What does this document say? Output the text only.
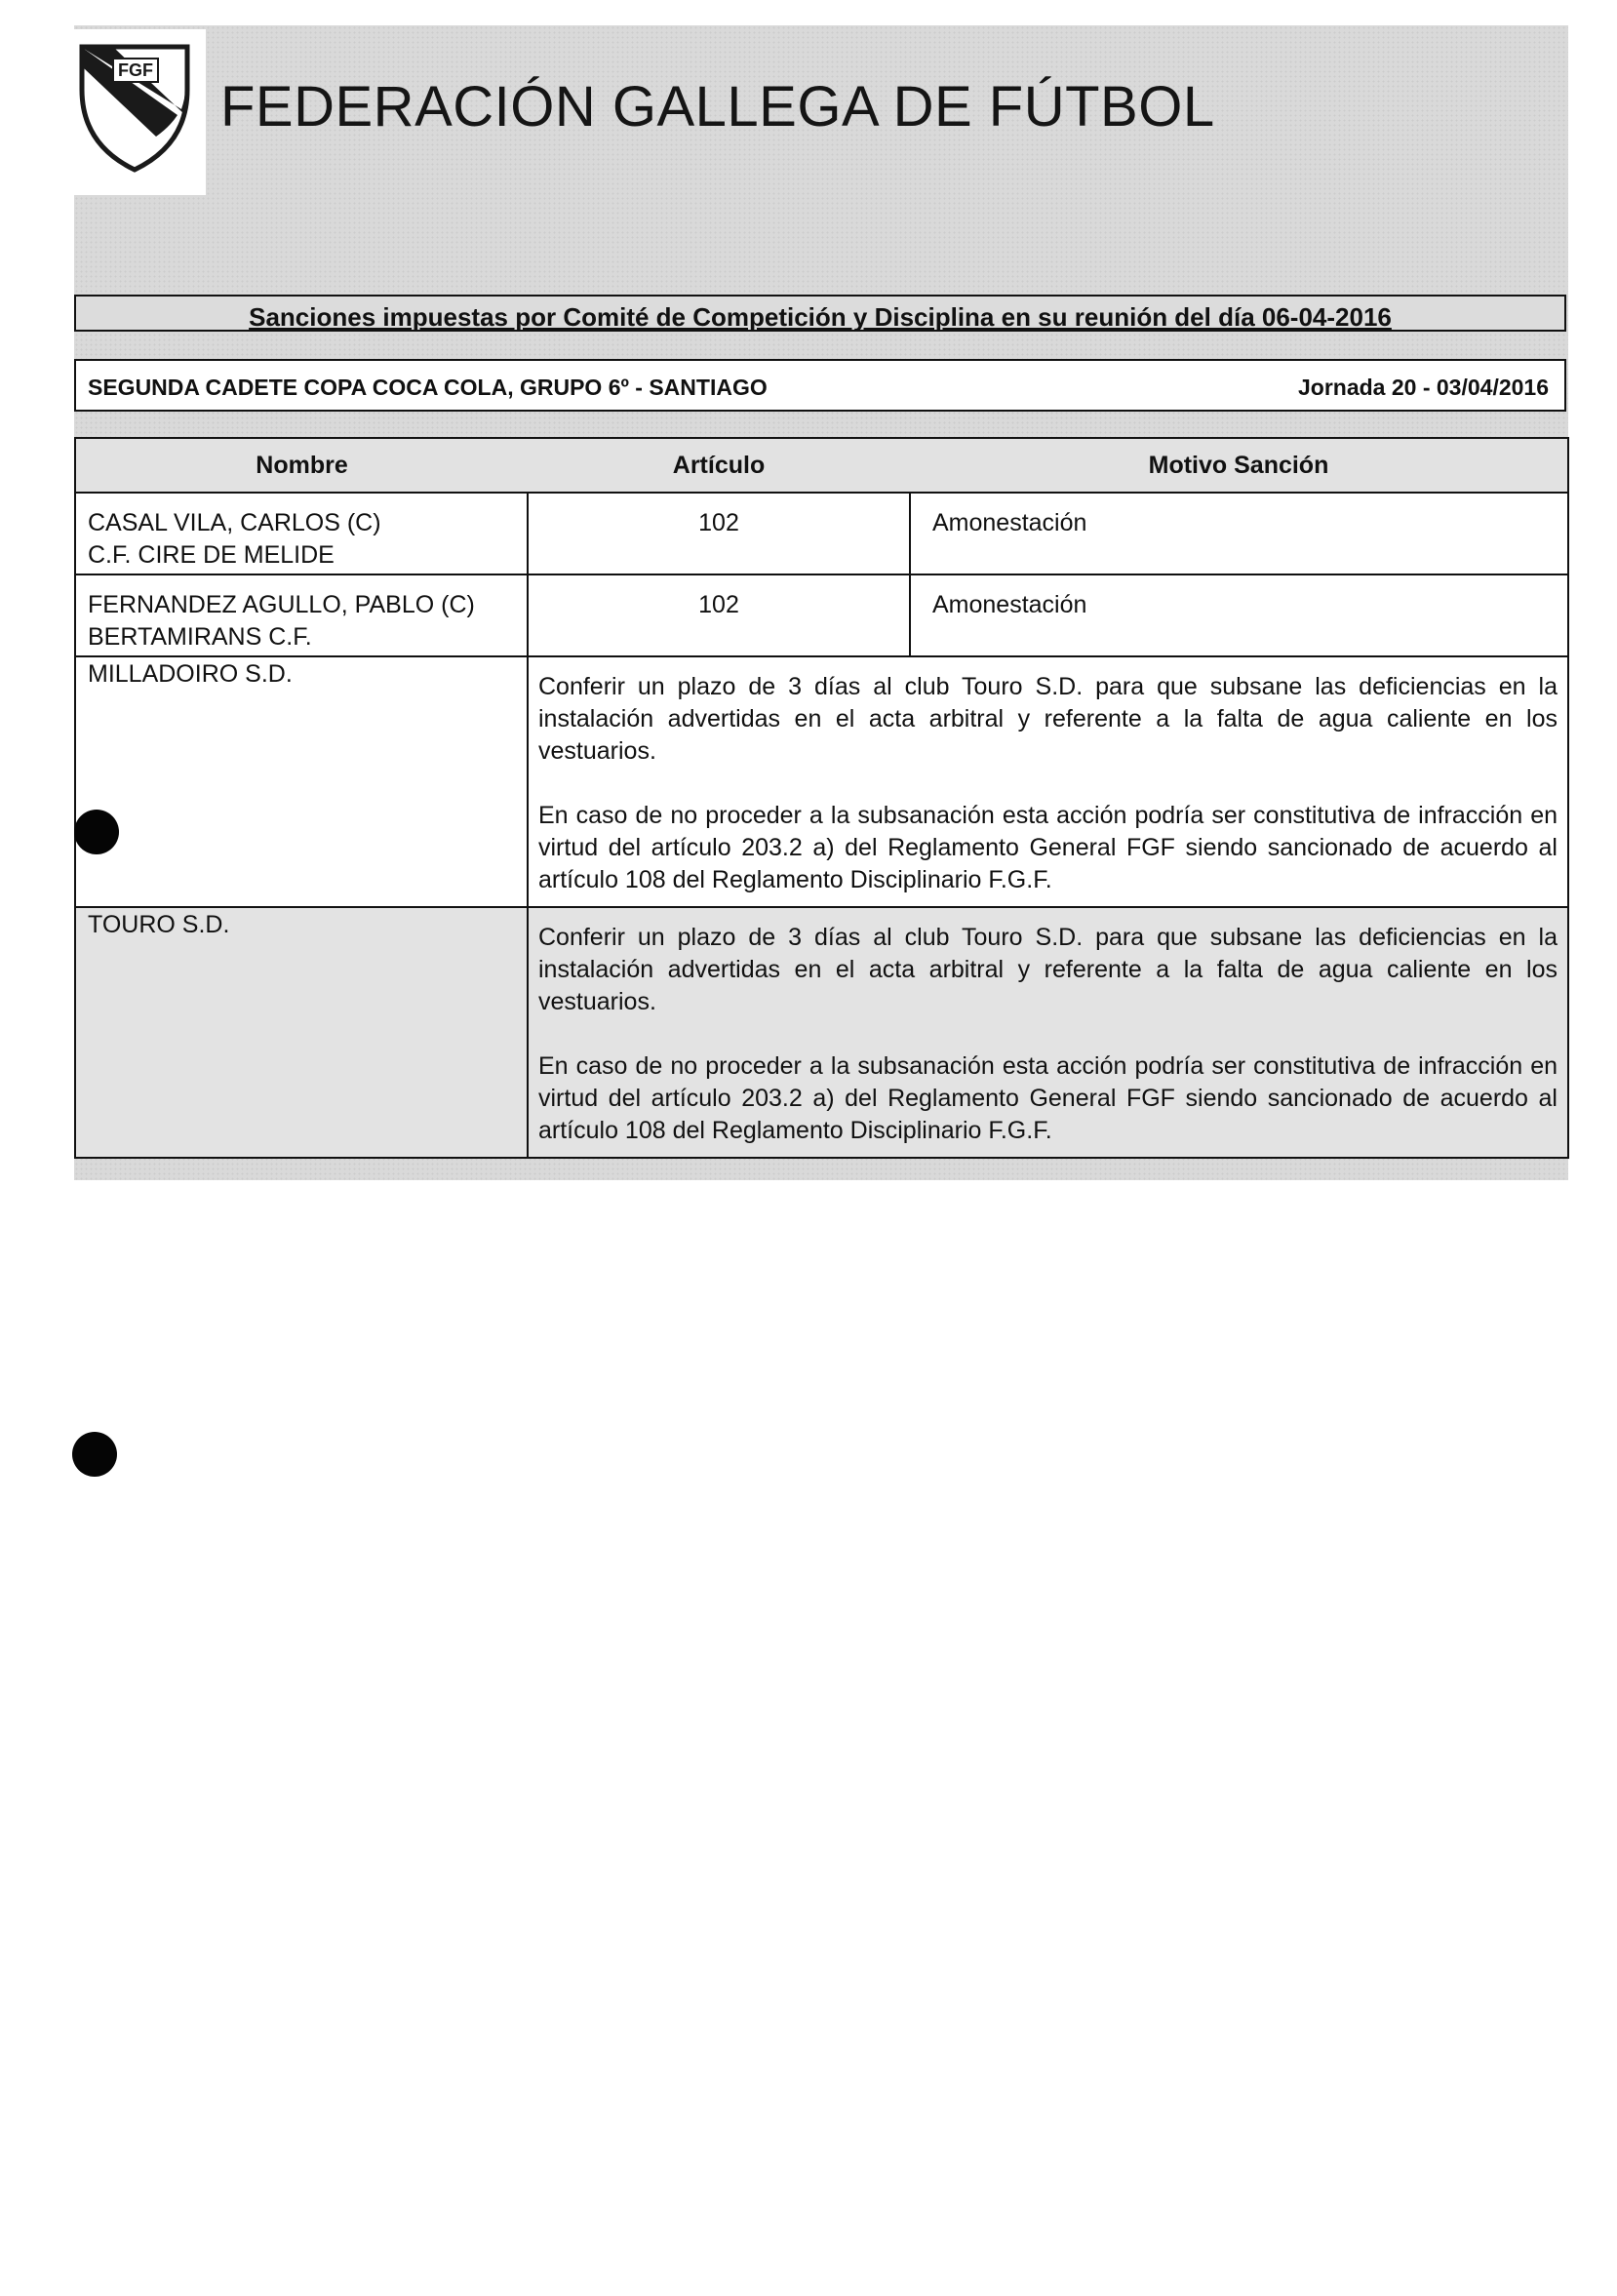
FGF
FEDERACIÓN GALLEGA DE FÚTBOL
Sanciones impuestas por Comité de Competición y Disciplina en su reunión del día 06-04-2016
SEGUNDA CADETE COPA COCA COLA, GRUPO 6º - SANTIAGO	Jornada 20 - 03/04/2016
Nombre	Artículo	Motivo Sanción

CASAL VILA, CARLOS (C)
C.F. CIRE DE MELIDE	102	Amonestación

FERNANDEZ AGULLO, PABLO (C)
BERTAMIRANS C.F.	102	Amonestación
MILLADOIRO S.D.	Conferir un plazo de 3 días al club Touro S.D. para que subsane las deficiencias en la instalación advertidas en el acta arbitral y referente a la falta de agua caliente en los vestuarios.

En caso de no proceder a la subsanación esta acción podría ser constitutiva de infracción en virtud del artículo 203.2 a) del Reglamento General FGF siendo sancionado de acuerdo al artículo 108 del Reglamento Disciplinario F.G.F.	

TOURO S.D.	Conferir un plazo de 3 días al club Touro S.D. para que subsane las deficiencias en la instalación advertidas en el acta arbitral y referente a la falta de agua caliente en los vestuarios.

En caso de no proceder a la subsanación esta acción podría ser constitutiva de infracción en virtud del artículo 203.2 a) del Reglamento General FGF siendo sancionado de acuerdo al artículo 108 del Reglamento Disciplinario F.G.F.	
